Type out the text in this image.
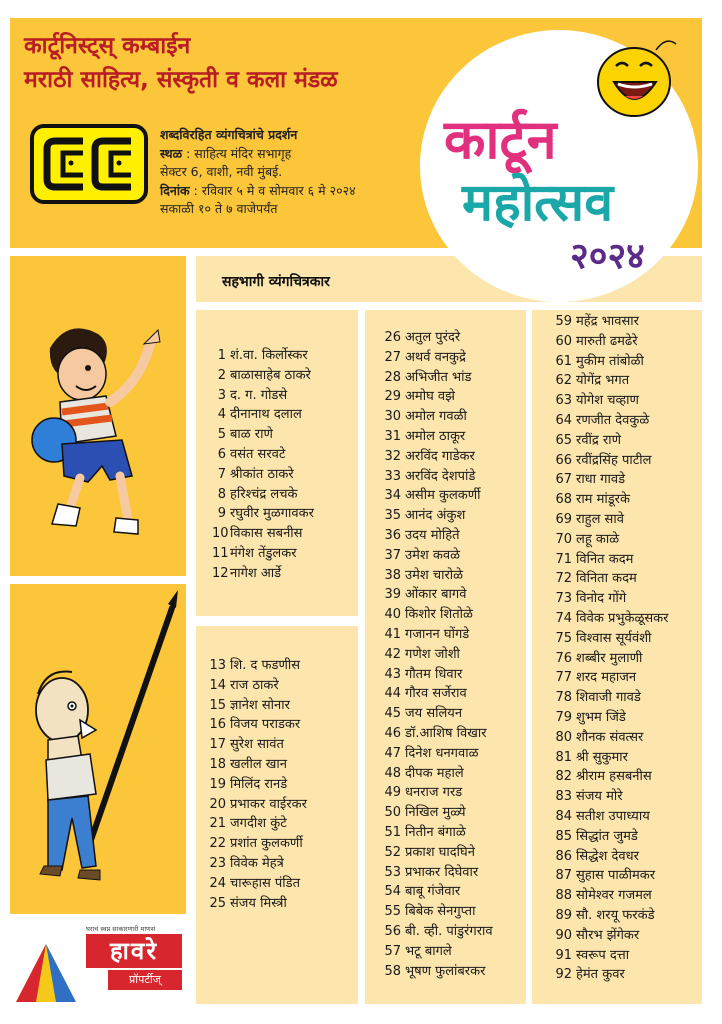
कार्टूनिस्ट्स् कम्बाईन
मराठी साहित्य, संस्कृती व कला मंडळ
शब्दविरहित व्यंगचित्रांचे प्रदर्शन
स्थळ : साहित्य मंदिर सभागृह
सेक्टर 6, वाशी, नवी मुंबई.
दिनांक : रविवार ५ मे व सोमवार ६ मे २०२४
सकाळी १० ते ७ वाजेपर्यंत
कार्टून
महोत्सव
२०२४
सहभागी व्यंगचित्रकार
1 शं.वा. किर्लोस्कर
2 बाळासाहेब ठाकरे
3 द. ग. गोडसे
4 दीनानाथ दलाल
5 बाळ राणे
6 वसंत सरवटे
7 श्रीकांत ठाकरे
8 हरिश्चंद्र लचके
9 रघुवीर मुळगावकर
10विकास सबनीस
11मंगेश तेंडुलकर
12नागेश आर्डे
13 शि. द फडणीस
14 राज ठाकरे
15 ज्ञानेश सोनार
16 विजय पराडकर
17 सुरेश सावंत
18 खलील खान
19 मिलिंद रानडे
20 प्रभाकर वाईरकर
21 जगदीश कुंटे
22 प्रशांत कुलकर्णी
23 विवेक मेहत्रे
24 चारूहास पंडित
25 संजय मिस्त्री
26 अतुल पुरंदरे
27 अथर्व वनकुद्रे
28 अभिजीत भांड
29 अमोघ वझे
30 अमोल गवळी
31 अमोल ठाकूर
32 अरविंद गाडेकर
33 अरविंद देशपांडे
34 असीम कुलकर्णी
35 आनंद अंकुश
36 उदय मोहिते
37 उमेश कवळे
38 उमेश चारोळे
39 ओंकार बागवे
40 किशोर शितोळे
41 गजानन घोंगडे
42 गणेश जोशी
43 गौतम धिवार
44 गौरव सर्जेराव
45 जय सलियन
46 डॉ.आशिष विखार
47 दिनेश धनगवाळ
48 दीपक महाले
49 धनराज गरड
50 निखिल मुळ्ये
51 नितीन बंगाळे
52 प्रकाश घादघिने
53 प्रभाकर दिघेवार
54 बाबू गंजेवार
55 बिबेक सेनगुप्ता
56 बी. व्ही. पांडुरंगराव
57 भटू बागले
58 भूषण फुलांबरकर
59 महेंद्र भावसार
60 मारुती ढमढेरे
61 मुकीम तांबोळी
62 योगेंद्र भगत
63 योगेश चव्हाण
64 रणजीत देवकुळे
65 रवींद्र राणे
66 रवींद्रसिंह पाटील
67 राधा गावडे
68 राम मांडूरके
69 राहुल सावे
70 लहू काळे
71 विनित कदम
72 विनिता कदम
73 विनोद गोंगे
74 विवेक प्रभुकेळूसकर
75 विश्वास सूर्यवंशी
76 शब्बीर मुलाणी
77 शरद महाजन
78 शिवाजी गावडे
79 शुभम जिंडे
80 शौनक संवत्सर
81 श्री सुकुमार
82 श्रीराम हसबनीस
83 संजय मोरे
84 सतीश उपाध्याय
85 सिद्धांत जुमडे
86 सिद्धेश देवधर
87 सुहास पाळीमकर
88 सोमेश्वर गजमल
89 सौ. शरयू फरकंडे
90 सौरभ झेंगेकर
91 स्वरूप दत्ता
92 हेमंत कुवर
घराचं स्वप्न साकारणारी माणसं
हावरे
प्रॉपर्टीज्
